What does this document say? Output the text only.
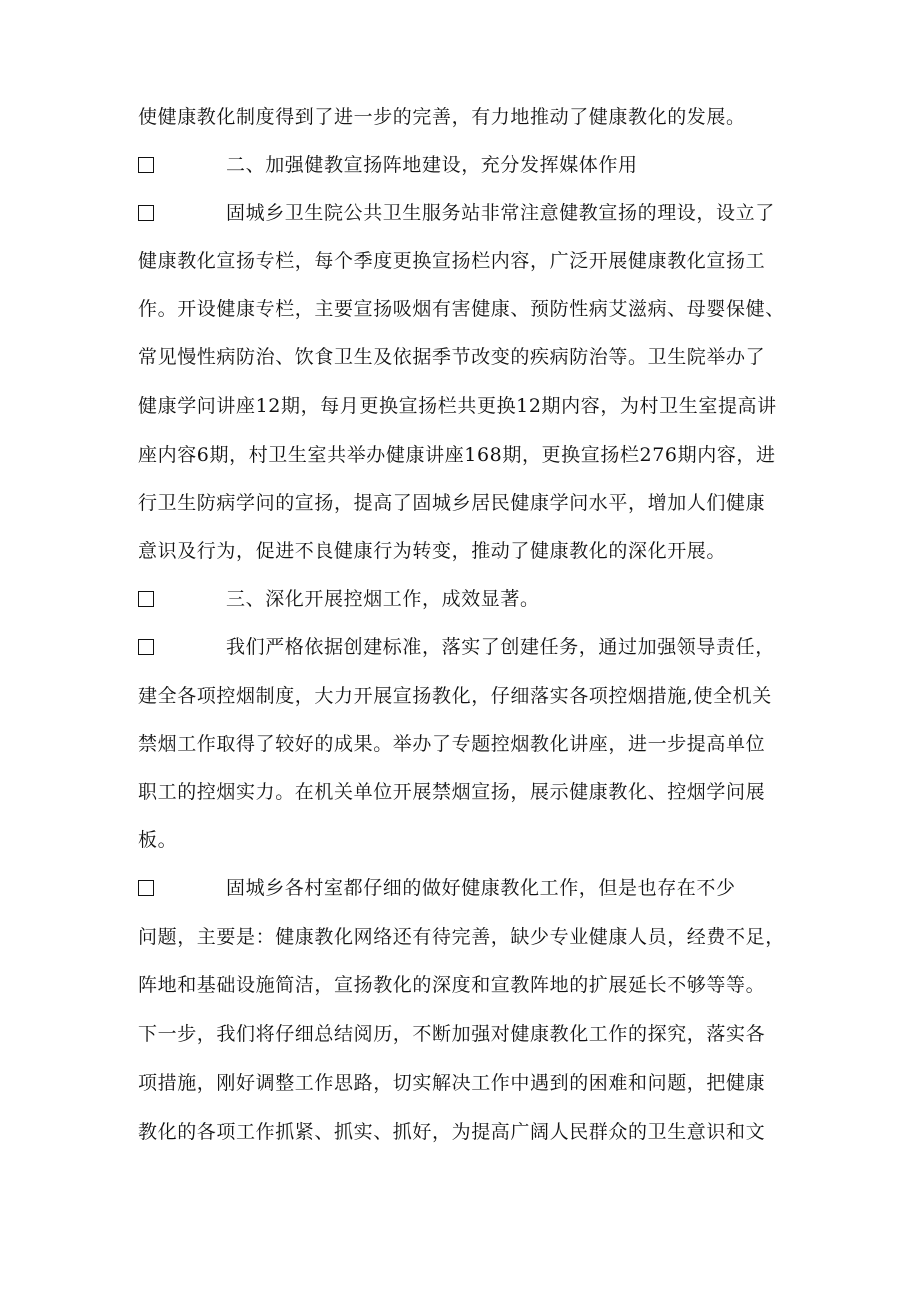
使健康教化制度得到了进一步的完善，有力地推动了健康教化的发展。
二、加强健教宣扬阵地建设，充分发挥媒体作用
固城乡卫生院公共卫生服务站非常注意健教宣扬的理设，设立了
健康教化宣扬专栏，每个季度更换宣扬栏内容，广泛开展健康教化宣扬工
作。开设健康专栏，主要宣扬吸烟有害健康、预防性病艾滋病、母婴保健、
常见慢性病防治、饮食卫生及依据季节改变的疾病防治等。卫生院举办了
健康学问讲座12期，每月更换宣扬栏共更换12期内容，为村卫生室提高讲
座内容6期，村卫生室共举办健康讲座168期，更换宣扬栏276期内容，进
行卫生防病学问的宣扬，提高了固城乡居民健康学问水平，增加人们健康
意识及行为，促进不良健康行为转变，推动了健康教化的深化开展。
三、深化开展控烟工作，成效显著。
我们严格依据创建标准，落实了创建任务，通过加强领导责任，
建全各项控烟制度，大力开展宣扬教化，仔细落实各项控烟措施,使全机关
禁烟工作取得了较好的成果。举办了专题控烟教化讲座，进一步提高单位
职工的控烟实力。在机关单位开展禁烟宣扬，展示健康教化、控烟学问展
板。
固城乡各村室都仔细的做好健康教化工作，但是也存在不少
问题，主要是：健康教化网络还有待完善，缺少专业健康人员，经费不足，
阵地和基础设施简洁，宣扬教化的深度和宣教阵地的扩展延长不够等等。
下一步，我们将仔细总结阅历，不断加强对健康教化工作的探究，落实各
项措施，刚好调整工作思路，切实解决工作中遇到的困难和问题，把健康
教化的各项工作抓紧、抓实、抓好，为提高广阔人民群众的卫生意识和文
